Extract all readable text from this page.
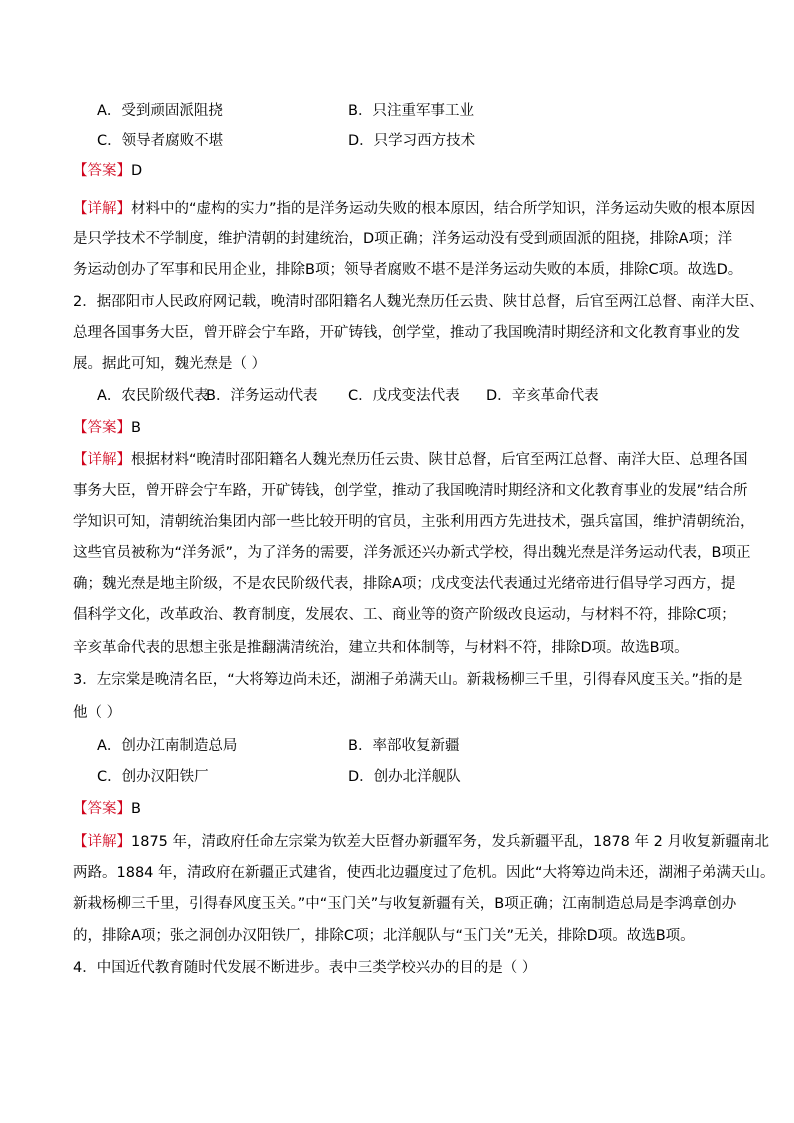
A．受到顽固派阻挠	B．只注重军事工业
C．领导者腐败不堪	D．只学习西方技术
【答案】D
【详解】材料中的“虚构的实力”指的是洋务运动失败的根本原因，结合所学知识，洋务运动失败的根本原因
是只学技术不学制度，维护清朝的封建统治，D项正确；洋务运动没有受到顽固派的阻挠，排除A项；洋
务运动创办了军事和民用企业，排除B项；领导者腐败不堪不是洋务运动失败的本质，排除C项。故选D。
2．据邵阳市人民政府网记载，晚清时邵阳籍名人魏光焘历任云贵、陕甘总督，后官至两江总督、南洋大臣、
总理各国事务大臣，曾开辟会宁车路，开矿铸钱，创学堂，推动了我国晚清时期经济和文化教育事业的发
展。据此可知，魏光焘是（ ）
A．农民阶级代表
B．洋务运动代表 C．戊戌变法代表 D．辛亥革命代表
【答案】B
【详解】根据材料“晚清时邵阳籍名人魏光焘历任云贵、陕甘总督，后官至两江总督、南洋大臣、总理各国
事务大臣，曾开辟会宁车路，开矿铸钱，创学堂，推动了我国晚清时期经济和文化教育事业的发展”结合所
学知识可知，清朝统治集团内部一些比较开明的官员，主张利用西方先进技术，强兵富国，维护清朝统治，
这些官员被称为“洋务派”，为了洋务的需要，洋务派还兴办新式学校，得出魏光焘是洋务运动代表，B项正
确；魏光焘是地主阶级，不是农民阶级代表，排除A项；戊戌变法代表通过光绪帝进行倡导学习西方，提
倡科学文化，改革政治、教育制度，发展农、工、商业等的资产阶级改良运动，与材料不符，排除C项；
辛亥革命代表的思想主张是推翻满清统治，建立共和体制等，与材料不符，排除D项。故选B项。
3．左宗棠是晚清名臣，“大将筹边尚未还，湖湘子弟满天山。新栽杨柳三千里，引得春风度玉关。”指的是
他（ ）
A．创办江南制造总局	B．率部收复新疆
C．创办汉阳铁厂	D．创办北洋舰队
【答案】B
【详解】1875 年，清政府任命左宗棠为钦差大臣督办新疆军务，发兵新疆平乱，1878 年 2 月收复新疆南北
两路。1884 年，清政府在新疆正式建省，使西北边疆度过了危机。因此“大将筹边尚未还，湖湘子弟满天山。
新栽杨柳三千里，引得春风度玉关。”中“玉门关”与收复新疆有关，B项正确；江南制造总局是李鸿章创办
的，排除A项；张之洞创办汉阳铁厂，排除C项；北洋舰队与“玉门关”无关，排除D项。故选B项。
4．中国近代教育随时代发展不断进步。表中三类学校兴办的目的是（ ）
